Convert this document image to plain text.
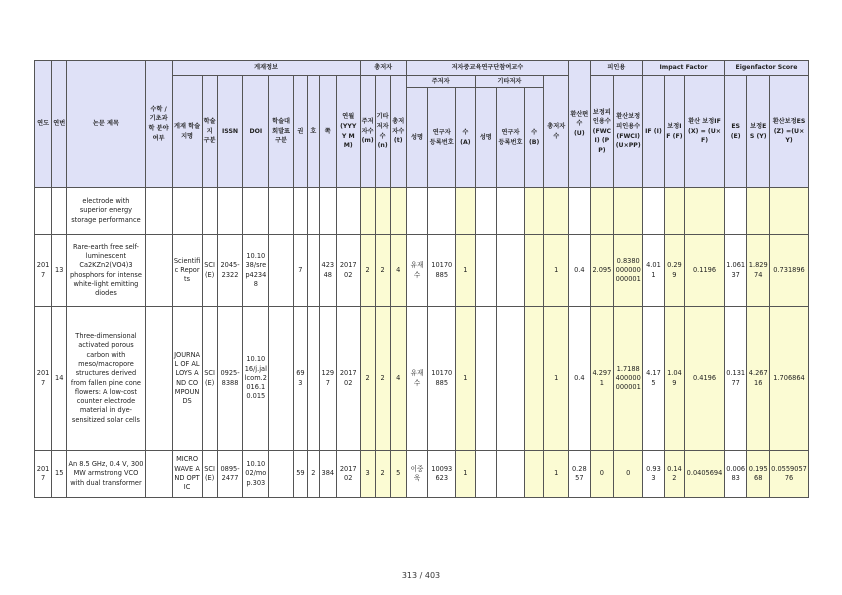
연도	연번	논문 제목	수학 / 기초과학 분야여부	게재정보									총저자			저자중교육연구단참여교수							환산편수 (U)	피인용		Impact Factor			Eigenfactor Score		
				게재 학술지명	학술지 구분	ISSN	DOI	학술대회발표 구분	권	호	쪽	연월 (YYYY MM)	주저자수 (m)	기타저자수 (n)	총저자수 (t)	주저자			기타저자			총저자수		보정피인용수 (FWCI) (PP)	환산보정피인용수 (FWCI) (U×PP)	IF (I)	보정IF (F)	환산 보정IF(X) = (U×F)	ES (E)	보정ES (Y)	환산보정ES(Z) =(U×Y)
																성명	연구자 등록번호	수 (A)	성명	연구자 등록번호	수 (B)										
		electrode with superior energy storage performance																													
2017	13	Rare-earth free self-luminescent Ca2KZn2(VO4)3 phosphors for intense white-light emitting diodes		Scientific Reports	SCI(E)	2045-2322	10.1038/srep42348		7		42348	201702	2	2	4	유재수	10170885	1				1	0.4	2.095	0.8380000000000001	4.011	0.299	0.1196	1.06137	1.82974	0.731896
2017	14	Three-dimensional activated porous carbon with meso/macropore structures derived from fallen pine cone flowers: A low-cost counter electrode material in dye-sensitized solar cells		JOURNAL OF ALLOYS AND COMPOUNDS	SCI(E)	0925-8388	10.1016/j.jallcom.2016.10.015		693		1297	201702	2	2	4	유재수	10170885	1				1	0.4	4.2971	1.7188400000000001	4.175	1.049	0.4196	0.13177	4.26716	1.706864
2017	15	An 8.5 GHz, 0.4 V, 300 MW armstrong VCO with dual transformer		MICROWAVE AND OPTIC	SCI(E)	0895-2477	10.1002/mop.303		59	2	384	201702	3	2	5	이중욱	10093623	1				1	0.2857	0	0	0.933	0.142	0.0405694	0.00683	0.19568	0.055905776
313 / 403
